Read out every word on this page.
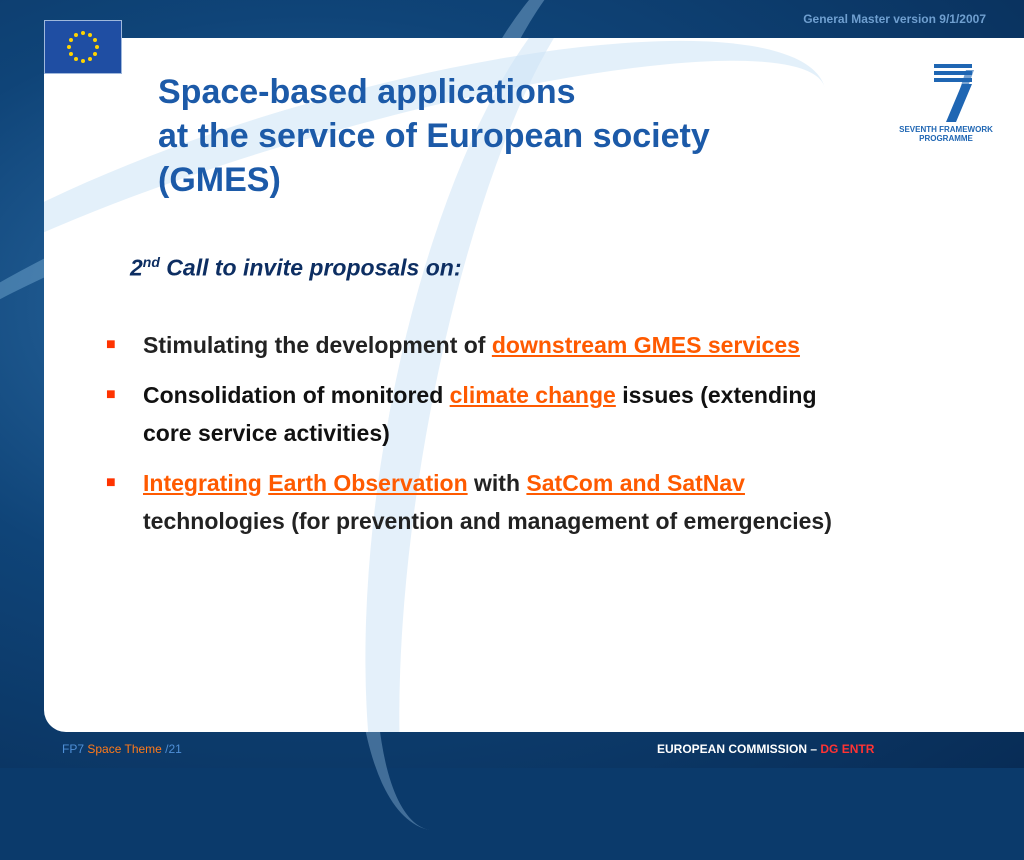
General Master version 9/1/2007
SEVENTH FRAMEWORK
PROGRAMME
Space-based applications
at the service of European society
(GMES)

2nd Call to invite proposals on:

■ Stimulating the development of downstream GMES services
■ Consolidation of monitored climate change issues (extending core service activities)
■ Integrating Earth Observation with SatCom and SatNav technologies (for prevention and management of emergencies)
FP7 Space Theme /21	EUROPEAN COMMISSION – DG ENTR
